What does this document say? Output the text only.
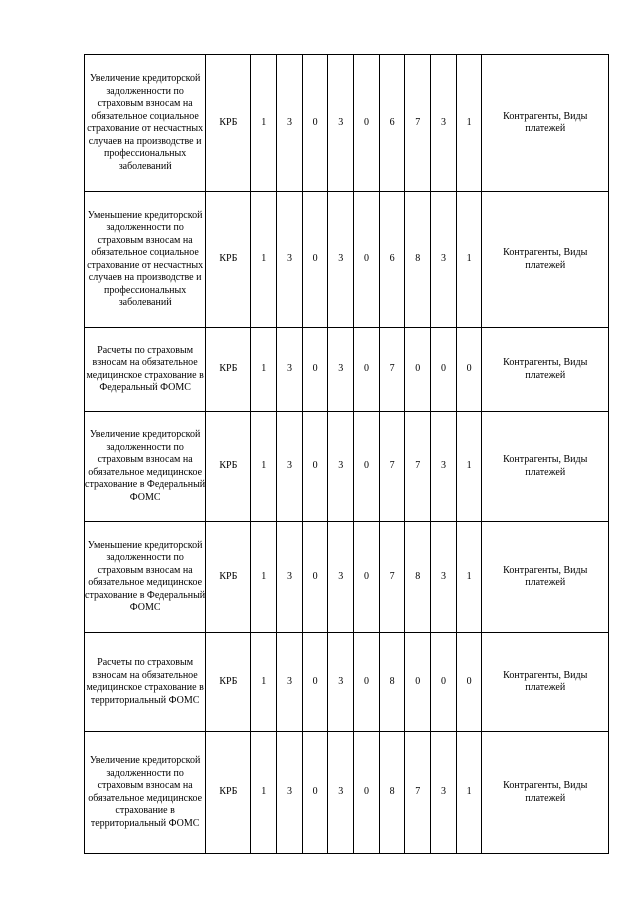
Увеличение кредиторской задолженности по страховым взносам на обязательное социальное страхование от несчастных случаев на производстве и профессиональных заболеваний	КРБ	1	3	0	3	0	6	7	3	1	Контрагенты, Виды платежей
Уменьшение кредиторской задолженности по страховым взносам на обязательное социальное страхование от несчастных случаев на производстве и профессиональных заболеваний	КРБ	1	3	0	3	0	6	8	3	1	Контрагенты, Виды платежей
Расчеты по страховым взносам на обязательное медицинское страхование в Федеральный ФОМС	КРБ	1	3	0	3	0	7	0	0	0	Контрагенты, Виды платежей
Увеличение кредиторской задолженности по страховым взносам на обязательное медицинское страхование в Федеральный ФОМС	КРБ	1	3	0	3	0	7	7	3	1	Контрагенты, Виды платежей
Уменьшение кредиторской задолженности по страховым взносам на обязательное медицинское страхование в Федеральный ФОМС	КРБ	1	3	0	3	0	7	8	3	1	Контрагенты, Виды платежей
Расчеты по страховым взносам на обязательное медицинское страхование в территориальный ФОМС	КРБ	1	3	0	3	0	8	0	0	0	Контрагенты, Виды платежей
Увеличение кредиторской задолженности по страховым взносам на обязательное медицинское страхование в территориальный ФОМС	КРБ	1	3	0	3	0	8	7	3	1	Контрагенты, Виды платежей
